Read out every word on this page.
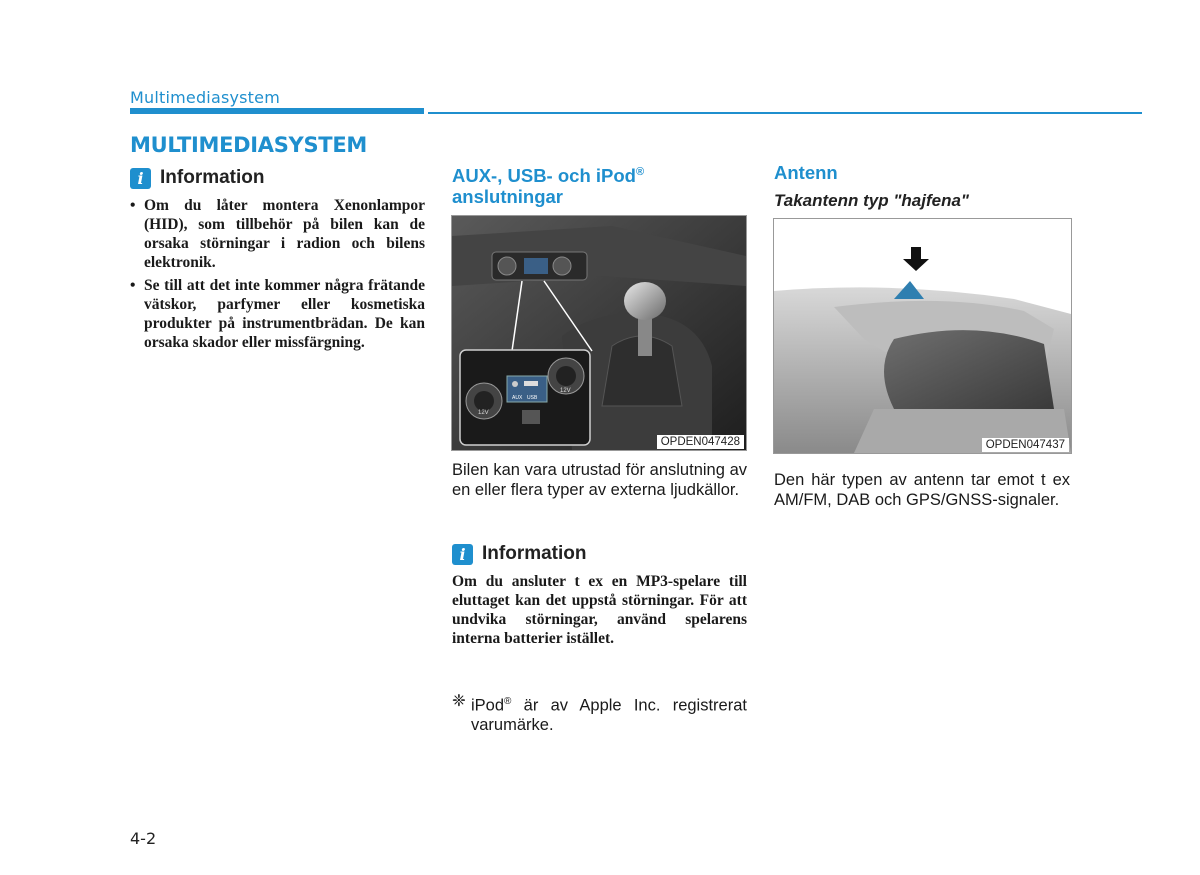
Multimediasystem
MULTIMEDIASYSTEM
i Information
• Om du låter montera Xenonlampor (HID), som tillbehör på bilen kan de orsaka störningar i radion och bilens elektronik.
• Se till att det inte kommer några frätande vätskor, parfymer eller kosmetiska produkter på instrumentbrädan. De kan orsaka skador eller missfärgning.
AUX-, USB- och iPod®
anslutningar
AUX USB
12V
12V
OPDEN047428
Bilen kan vara utrustad för anslutning av en eller flera typer av externa ljudkällor.
i Information
Om du ansluter t ex en MP3-spelare till eluttaget kan det uppstå störningar. För att undvika störningar, använd spelarens interna batterier istället.
❈ iPod® är av Apple Inc. registrerat varumärke.
Antenn
Takantenn typ "hajfena"
OPDEN047437
Den här typen av antenn tar emot t ex AM/FM, DAB och GPS/GNSS-signaler.
4-2
